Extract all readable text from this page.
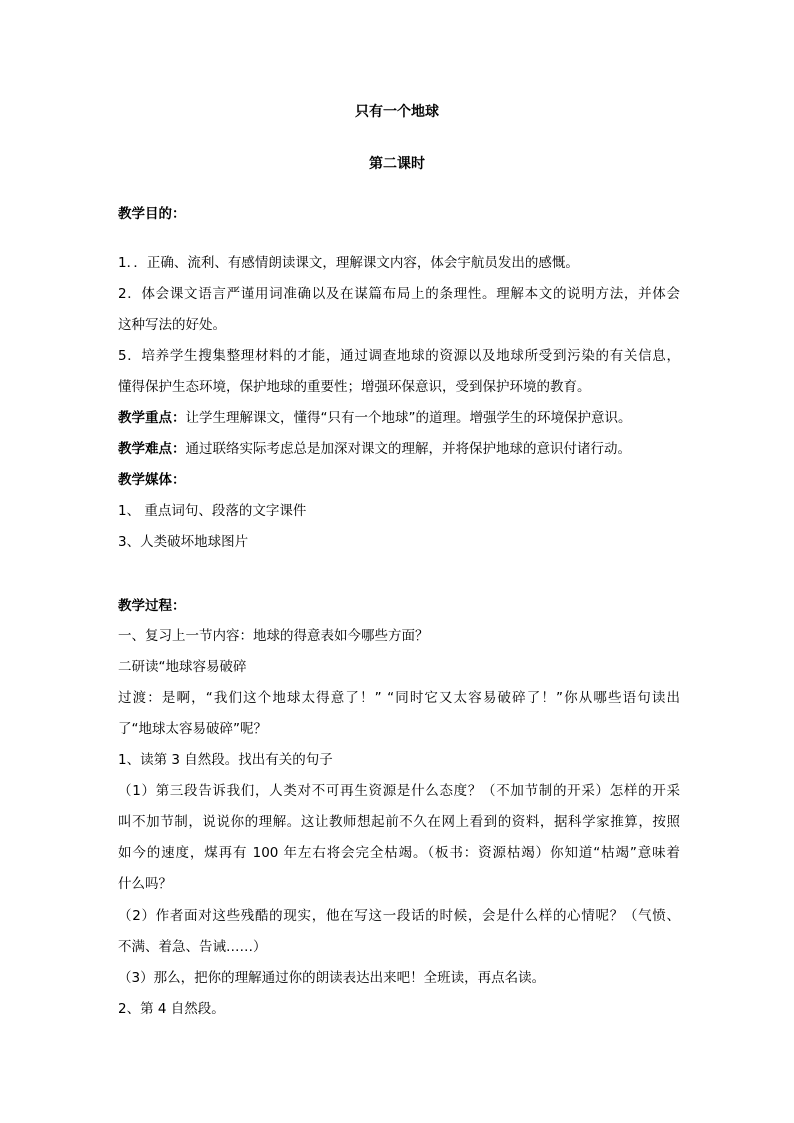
只有一个地球
第二课时
教学目的：
1．．正确、流利、有感情朗读课文，理解课文内容，体会宇航员发出的感慨。
2．体会课文语言严谨用词准确以及在谋篇布局上的条理性。理解本文的说明方法，并体会
这种写法的好处。
5．培养学生搜集整理材料的才能，通过调查地球的资源以及地球所受到污染的有关信息，
懂得保护生态环境，保护地球的重要性；增强环保意识，受到保护环境的教育。
教学重点：让学生理解课文，懂得“只有一个地球”的道理。增强学生的环境保护意识。
教学难点：通过联络实际考虑总是加深对课文的理解，并将保护地球的意识付诸行动。
教学媒体：
1、 重点词句、段落的文字课件
3、人类破坏地球图片
教学过程：
一、复习上一节内容：地球的得意表如今哪些方面？
二研读“地球容易破碎
过渡：是啊，“我们这个地球太得意了！” “同时它又太容易破碎了！”你从哪些语句读出
了“地球太容易破碎”呢？
1、读第 3 自然段。找出有关的句子
（1）第三段告诉我们，人类对不可再生资源是什么态度？（不加节制的开采）怎样的开采
叫不加节制，说说你的理解。这让教师想起前不久在网上看到的资料，据科学家推算，按照
如今的速度，煤再有 100 年左右将会完全枯竭。（板书：资源枯竭）你知道“枯竭”意味着
什么吗？
（2）作者面对这些残酷的现实，他在写这一段话的时候，会是什么样的心情呢？（气愤、
不满、着急、告诫……）
（3）那么，把你的理解通过你的朗读表达出来吧！全班读，再点名读。
2、第 4 自然段。
